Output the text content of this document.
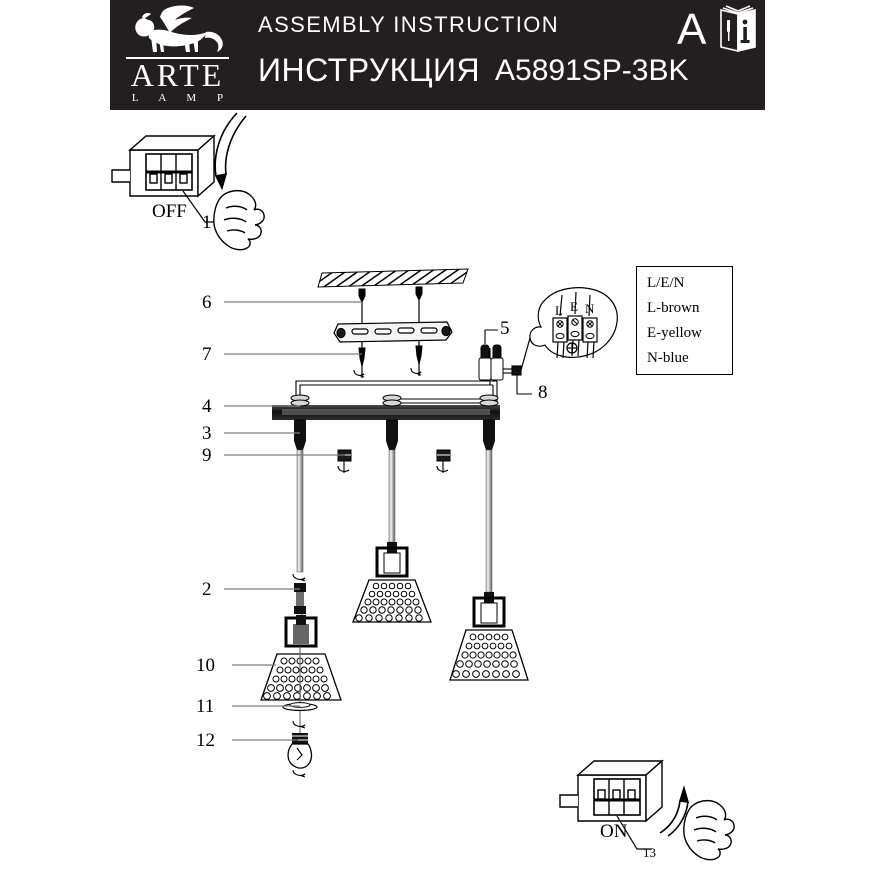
ARTE
L A M P
ASSEMBLY INSTRUCTION
ИНСТРУКЦИЯ A5891SP-3BK
A
L E N
6
7
4
3
9
2
10
11
12
5
8
OFF
1
ON
13
L/E/N
L-brown
E-yellow
N-blue
